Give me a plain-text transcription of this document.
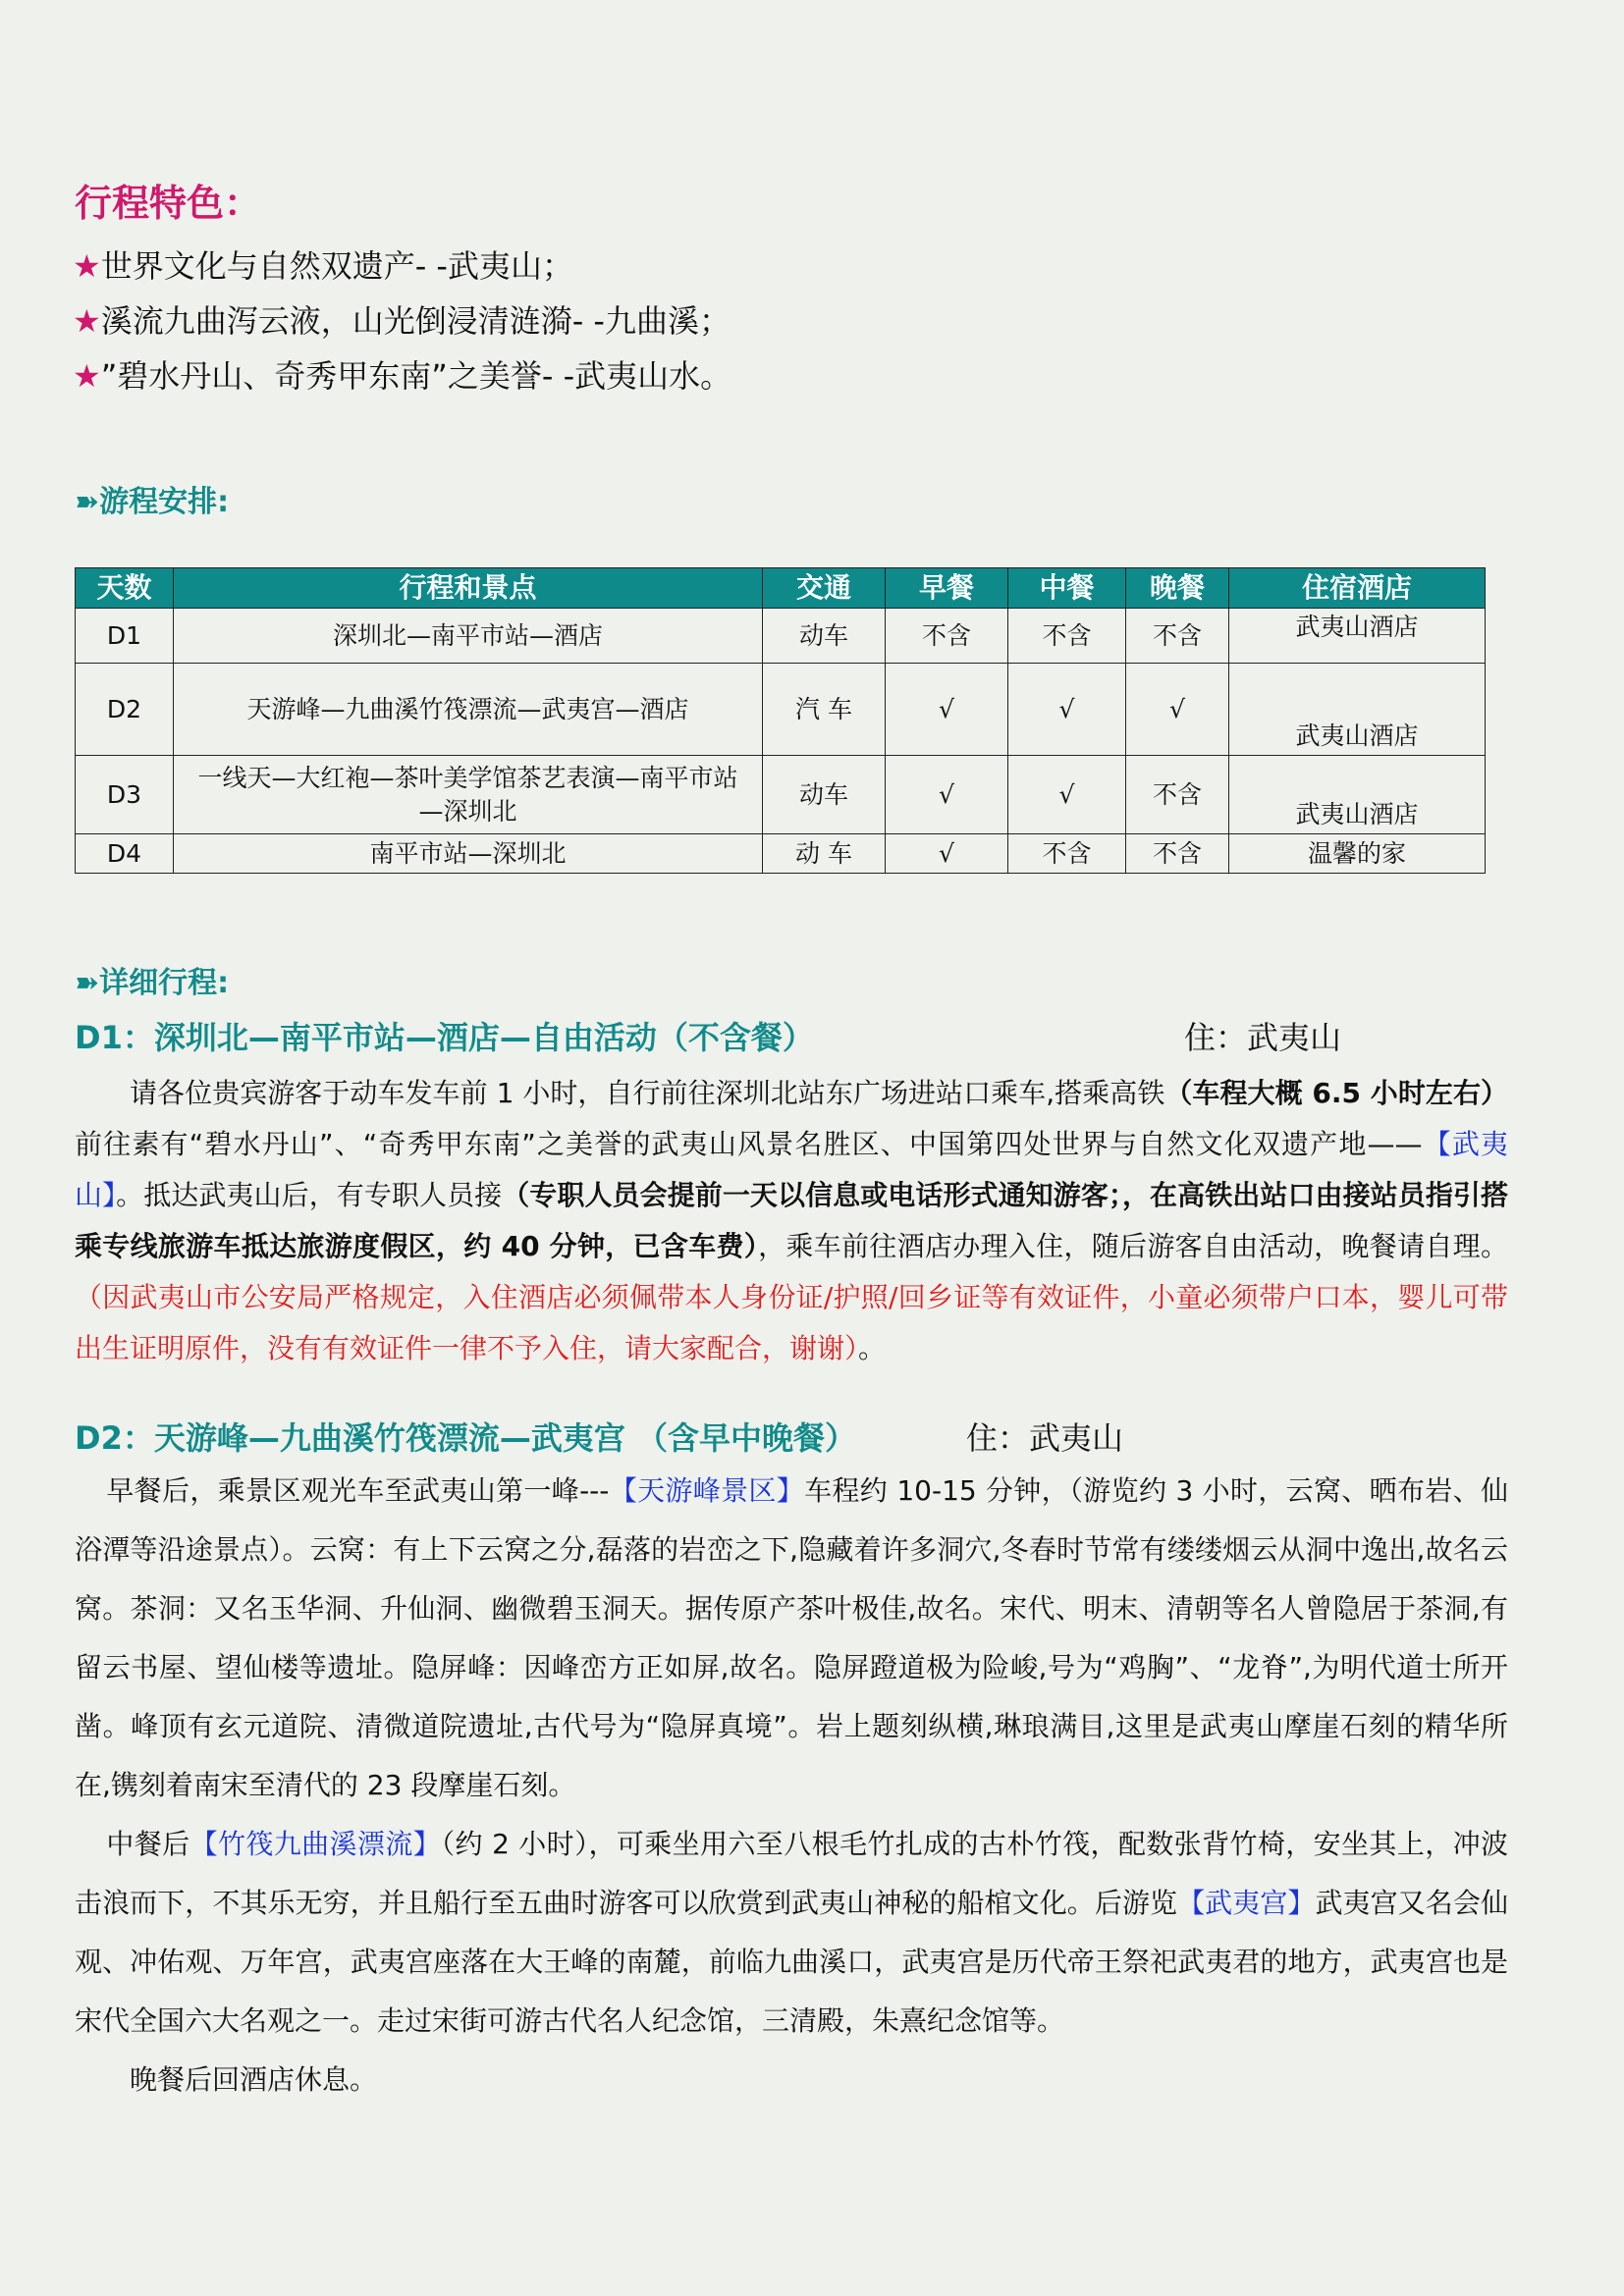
行程特色：
★世界文化与自然双遗产- -武夷山；
★溪流九曲泻云液，山光倒浸清涟漪- -九曲溪；
★”碧水丹山、奇秀甲东南”之美誉- -武夷山水。
➽游程安排:
天数	行程和景点	交通	早餐	中餐	晚餐	住宿酒店
D1	深圳北—南平市站—酒店	动车	不含	不含	不含	武夷山酒店
D2	天游峰—九曲溪竹筏漂流—武夷宫—酒店	汽 车	√	√	√	武夷山酒店
D3	一线天—大红袍—茶叶美学馆茶艺表演—南平市站—深圳北	动车	√	√	不含	武夷山酒店
D4	南平市站—深圳北	动 车	√	不含	不含	温馨的家
➽详细行程:
D1：深圳北—南平市站—酒店—自由活动（不含餐）	住：武夷山
请各位贵宾游客于动车发车前 1 小时，自行前往深圳北站东广场进站口乘车,搭乘高铁（车程大概 6.5 小时左右）前往素有“碧水丹山”、“奇秀甲东南”之美誉的武夷山风景名胜区、中国第四处世界与自然文化双遗产地——【武夷山】。抵达武夷山后，有专职人员接（专职人员会提前一天以信息或电话形式通知游客；，在高铁出站口由接站员指引搭乘专线旅游车抵达旅游度假区，约 40 分钟，已含车费），乘车前往酒店办理入住，随后游客自由活动，晚餐请自理。（因武夷山市公安局严格规定，入住酒店必须佩带本人身份证/护照/回乡证等有效证件，小童必须带户口本，婴儿可带出生证明原件，没有有效证件一律不予入住，请大家配合，谢谢）。
D2：天游峰—九曲溪竹筏漂流—武夷宫 （含早中晚餐）	住：武夷山
早餐后，乘景区观光车至武夷山第一峰---【天游峰景区】车程约 10-15 分钟，（游览约 3 小时，云窝、晒布岩、仙浴潭等沿途景点）。云窝：有上下云窝之分,磊落的岩峦之下,隐藏着许多洞穴,冬春时节常有缕缕烟云从洞中逸出,故名云窝。茶洞：又名玉华洞、升仙洞、幽微碧玉洞天。据传原产茶叶极佳,故名。宋代、明末、清朝等名人曾隐居于茶洞,有留云书屋、望仙楼等遗址。隐屏峰：因峰峦方正如屏,故名。隐屏蹬道极为险峻,号为“鸡胸”、“龙脊”,为明代道士所开凿。峰顶有玄元道院、清微道院遗址,古代号为“隐屏真境”。岩上题刻纵横,琳琅满目,这里是武夷山摩崖石刻的精华所在,镌刻着南宋至清代的 23 段摩崖石刻。
中餐后【竹筏九曲溪漂流】（约 2 小时），可乘坐用六至八根毛竹扎成的古朴竹筏，配数张背竹椅，安坐其上，冲波击浪而下，不其乐无穷，并且船行至五曲时游客可以欣赏到武夷山神秘的船棺文化。后游览【武夷宫】武夷宫又名会仙观、冲佑观、万年宫，武夷宫座落在大王峰的南麓，前临九曲溪口，武夷宫是历代帝王祭祀武夷君的地方，武夷宫也是宋代全国六大名观之一。走过宋街可游古代名人纪念馆，三清殿，朱熹纪念馆等。
晚餐后回酒店休息。
